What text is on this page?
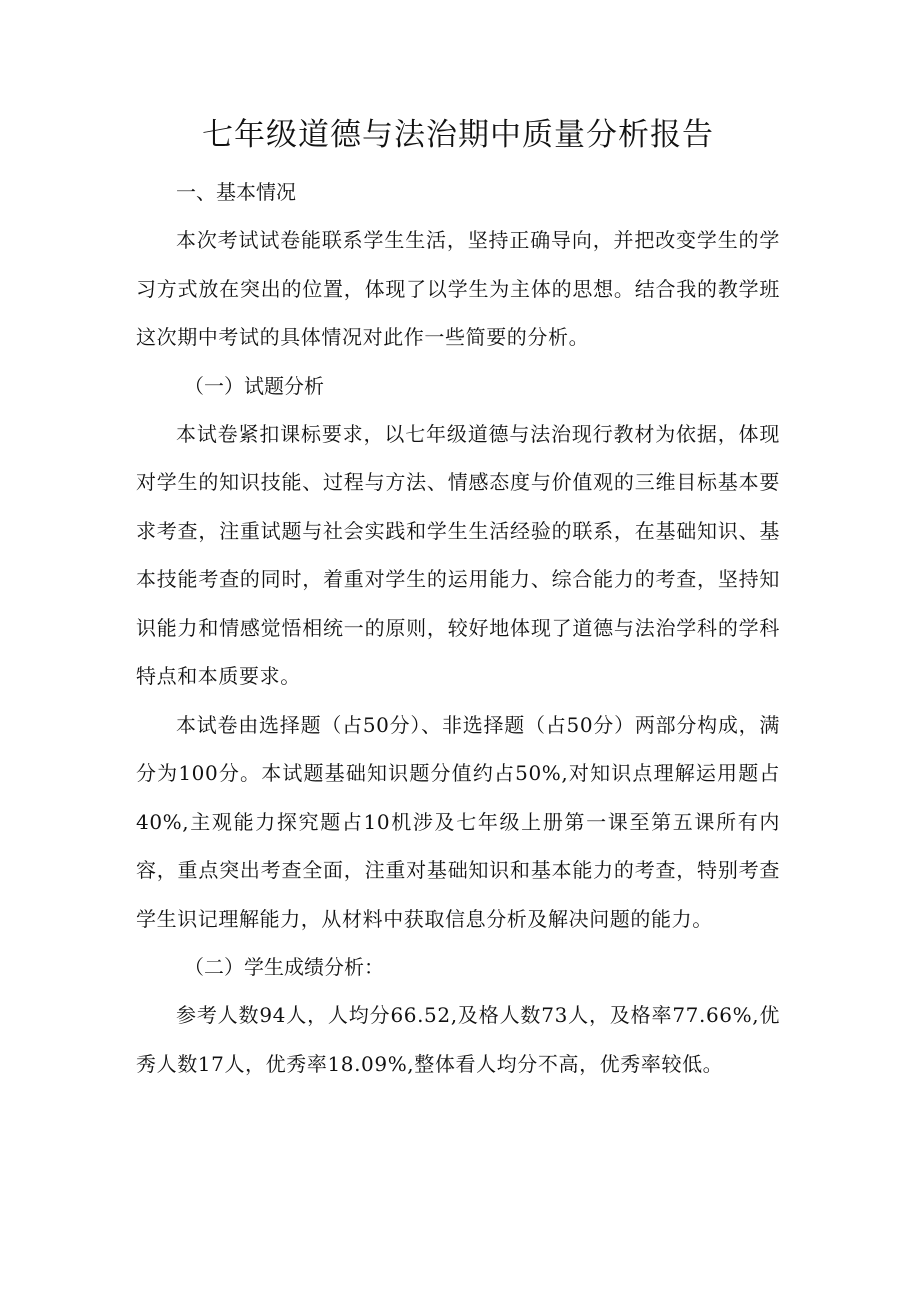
七年级道德与法治期中质量分析报告

一、基本情况

本次考试试卷能联系学生生活，坚持正确导向，并把改变学生的学习方式放在突出的位置，体现了以学生为主体的思想。结合我的教学班这次期中考试的具体情况对此作一些简要的分析。

（一）试题分析

本试卷紧扣课标要求，以七年级道德与法治现行教材为依据，体现对学生的知识技能、过程与方法、情感态度与价值观的三维目标基本要求考查，注重试题与社会实践和学生生活经验的联系，在基础知识、基本技能考查的同时，着重对学生的运用能力、综合能力的考查，坚持知识能力和情感觉悟相统一的原则，较好地体现了道德与法治学科的学科特点和本质要求。

本试卷由选择题（占50分）、非选择题（占50分）两部分构成，满分为100分。本试题基础知识题分值约占50%,对知识点理解运用题占40%,主观能力探究题占10机涉及七年级上册第一课至第五课所有内容，重点突出考查全面，注重对基础知识和基本能力的考查，特别考查学生识记理解能力，从材料中获取信息分析及解决问题的能力。

（二）学生成绩分析：

参考人数94人，人均分66.52,及格人数73人，及格率77.66%,优秀人数17人，优秀率18.09%,整体看人均分不高，优秀率较低。
